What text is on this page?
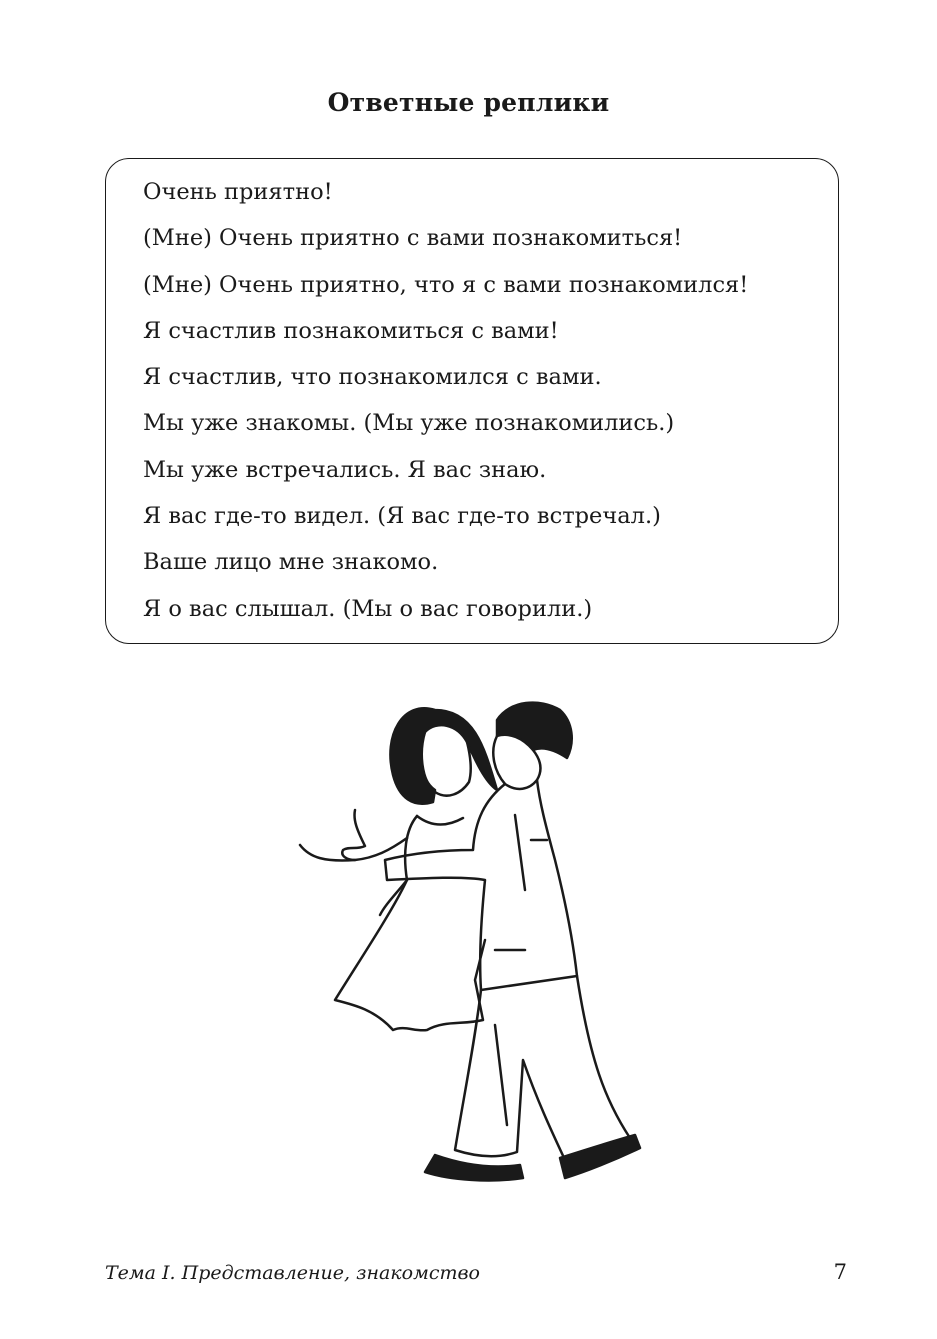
Ответные реплики
Очень приятно!
(Мне) Очень приятно с вами познакомиться!
(Мне) Очень приятно, что я с вами познакомился!
Я счастлив познакомиться с вами!
Я счастлив, что познакомился с вами.
Мы уже знакомы. (Мы уже познакомились.)
Мы уже встречались. Я вас знаю.
Я вас где-то видел. (Я вас где-то встречал.)
Ваше лицо мне знакомо.
Я о вас слышал. (Мы о вас говорили.)
Тема I. Представление, знакомство	7
